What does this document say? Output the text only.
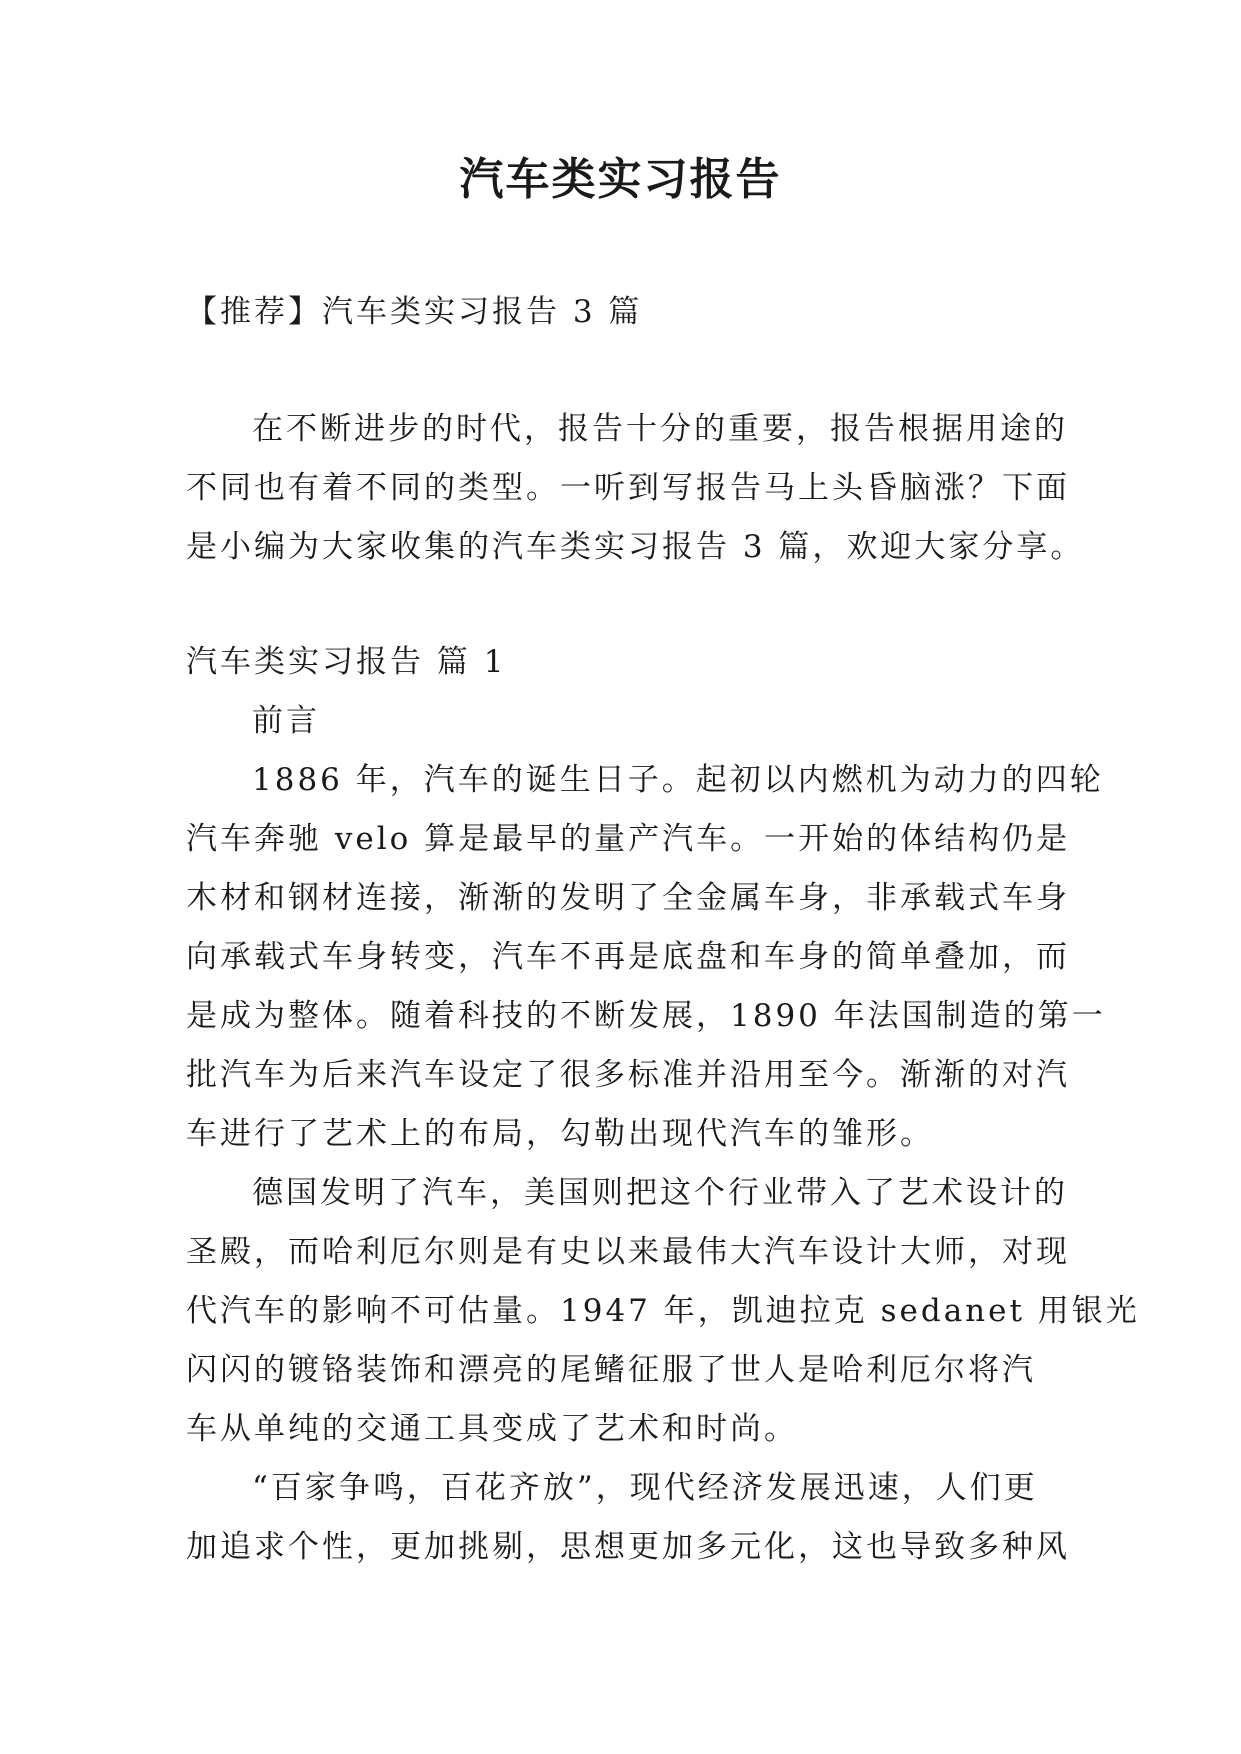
汽车类实习报告
【推荐】汽车类实习报告 3 篇
在不断进步的时代，报告十分的重要，报告根据用途的
不同也有着不同的类型。一听到写报告马上头昏脑涨？下面
是小编为大家收集的汽车类实习报告 3 篇，欢迎大家分享。
汽车类实习报告 篇 1
前言
1886 年，汽车的诞生日子。起初以内燃机为动力的四轮
汽车奔驰 velo 算是最早的量产汽车。一开始的体结构仍是
木材和钢材连接，渐渐的发明了全金属车身，非承载式车身
向承载式车身转变，汽车不再是底盘和车身的简单叠加，而
是成为整体。随着科技的不断发展，1890 年法国制造的第一
批汽车为后来汽车设定了很多标准并沿用至今。渐渐的对汽
车进行了艺术上的布局，勾勒出现代汽车的雏形。
德国发明了汽车，美国则把这个行业带入了艺术设计的
圣殿，而哈利厄尔则是有史以来最伟大汽车设计大师，对现
代汽车的影响不可估量。1947 年，凯迪拉克 sedanet 用银光
闪闪的镀铬装饰和漂亮的尾鳍征服了世人是哈利厄尔将汽
车从单纯的交通工具变成了艺术和时尚。
“百家争鸣，百花齐放”，现代经济发展迅速，人们更
加追求个性，更加挑剔，思想更加多元化，这也导致多种风
